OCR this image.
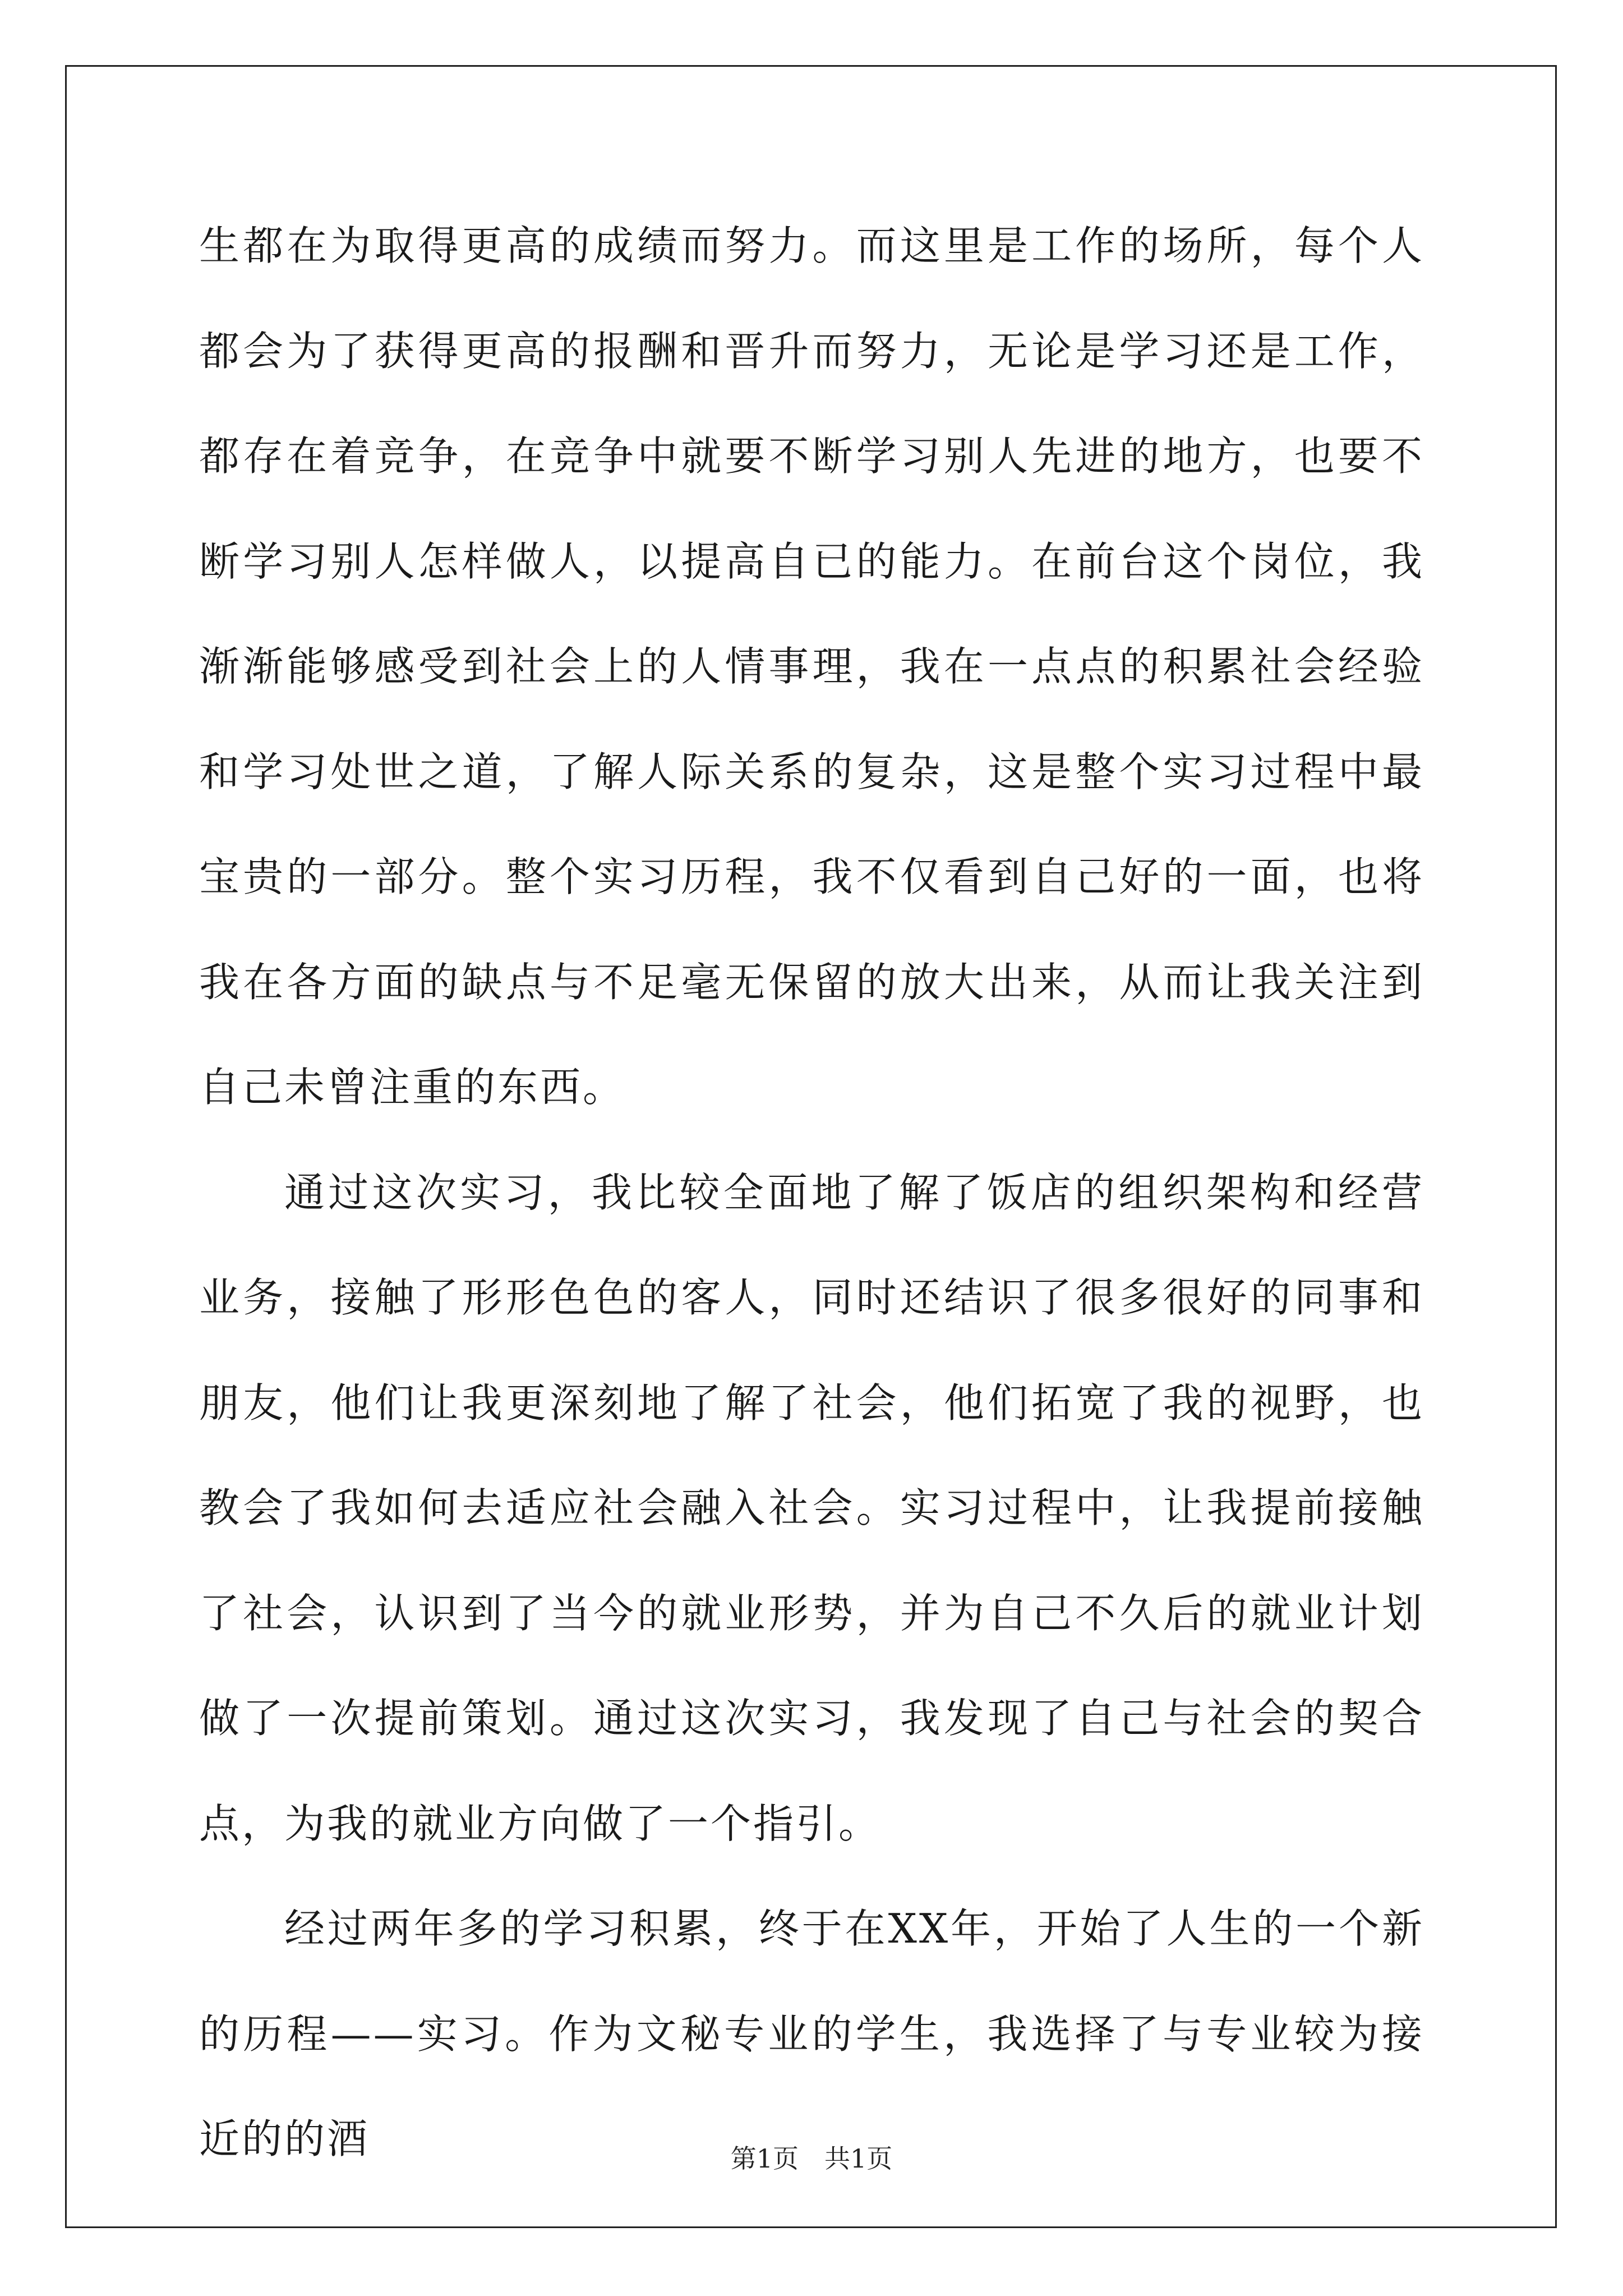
生都在为取得更高的成绩而努力。而这里是工作的场所，每个人都会为了获得更高的报酬和晋升而努力，无论是学习还是工作，都存在着竞争，在竞争中就要不断学习别人先进的地方，也要不断学习别人怎样做人，以提高自已的能力。在前台这个岗位，我渐渐能够感受到社会上的人情事理，我在一点点的积累社会经验和学习处世之道，了解人际关系的复杂，这是整个实习过程中最宝贵的一部分。整个实习历程，我不仅看到自己好的一面，也将我在各方面的缺点与不足毫无保留的放大出来，从而让我关注到自己未曾注重的东西。

通过这次实习，我比较全面地了解了饭店的组织架构和经营业务，接触了形形色色的客人，同时还结识了很多很好的同事和朋友，他们让我更深刻地了解了社会，他们拓宽了我的视野，也教会了我如何去适应社会融入社会。实习过程中，让我提前接触了社会，认识到了当今的就业形势，并为自己不久后的就业计划做了一次提前策划。通过这次实习，我发现了自己与社会的契合点，为我的就业方向做了一个指引。

经过两年多的学习积累，终于在XX年，开始了人生的一个新的历程——实习。作为文秘专业的学生，我选择了与专业较为接近的的酒	第1页　共1页
